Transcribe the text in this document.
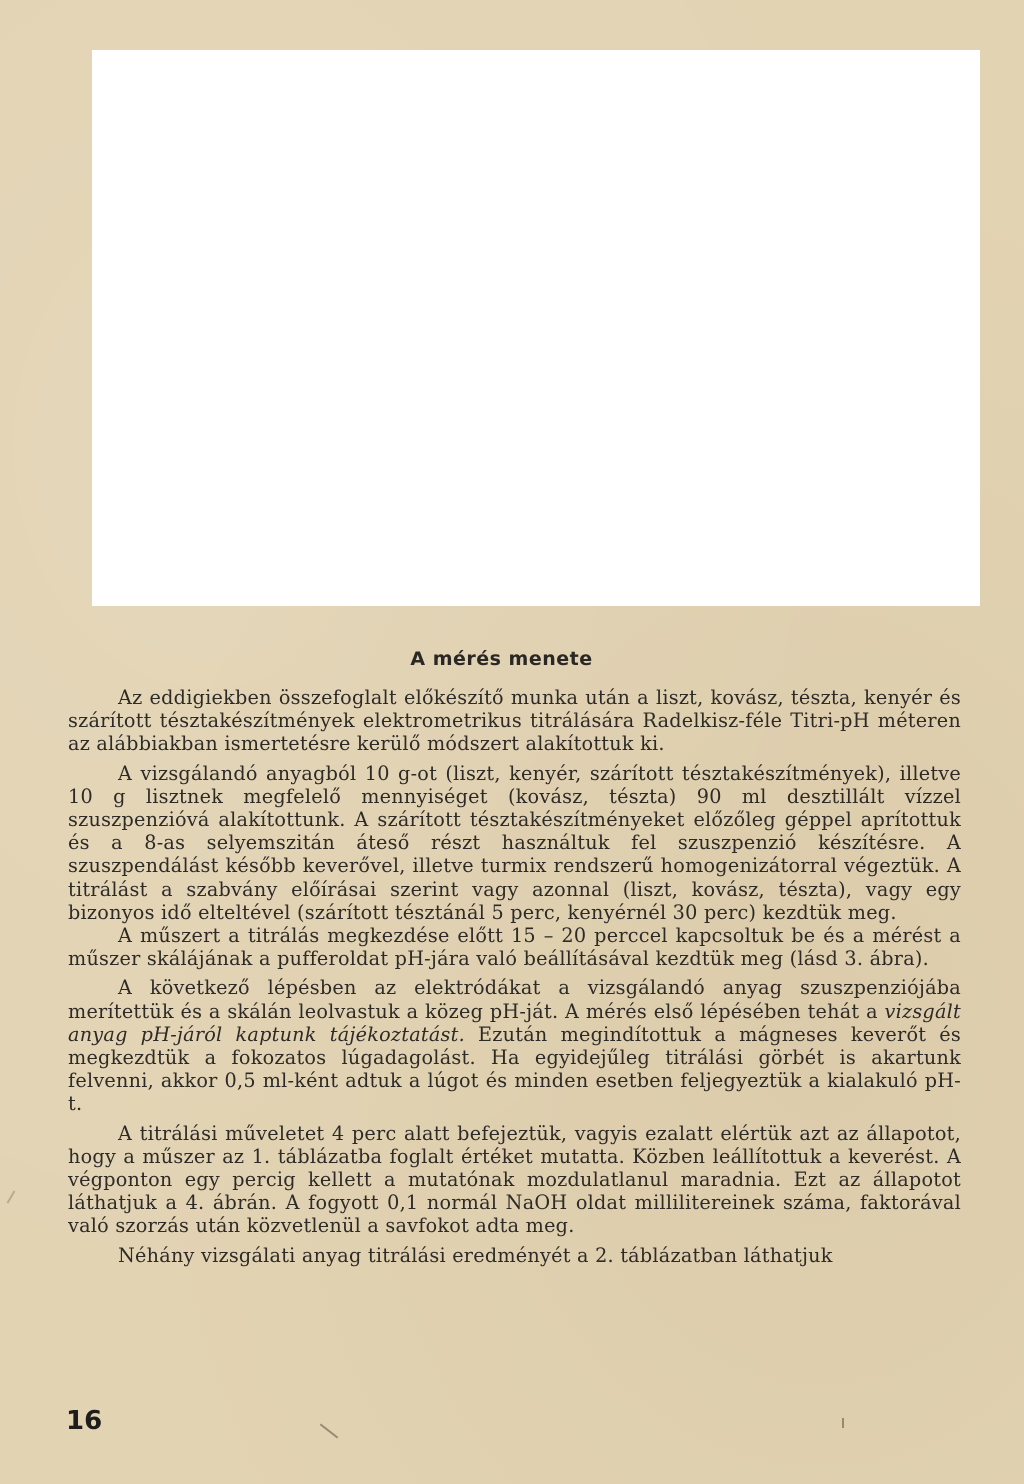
A mérés menete

Az eddigiekben összefoglalt előkészítő munka után a liszt, kovász, tészta, kenyér és szárított tésztakészítmények elektrometrikus titrálására Radelkisz-féle Titri-pH méteren az alábbiakban ismertetésre kerülő módszert alakítottuk ki.

A vizsgálandó anyagból 10 g-ot (liszt, kenyér, szárított tésztakészítmények), illetve 10 g lisztnek megfelelő mennyiséget (kovász, tészta) 90 ml desztillált vízzel szuszpenzióvá alakítottunk. A szárított tésztakészítményeket előzőleg géppel aprítottuk és a 8-as selyemszitán áteső részt használtuk fel szuszpenzió készítésre. A szuszpendálást később keverővel, illetve turmix rendszerű homogenizátorral végeztük. A titrálást a szabvány előírásai szerint vagy azonnal (liszt, kovász, tészta), vagy egy bizonyos idő elteltével (szárított tésztánál 5 perc, kenyérnél 30 perc) kezdtük meg.

A műszert a titrálás megkezdése előtt 15 – 20 perccel kapcsoltuk be és a mérést a műszer skálájának a pufferoldat pH-jára való beállításával kezdtük meg (lásd 3. ábra).

A következő lépésben az elektródákat a vizsgálandó anyag szuszpenziójába merítettük és a skálán leolvastuk a közeg pH-ját. A mérés első lépésében tehát a vizsgált anyag pH-járól kaptunk tájékoztatást. Ezután megindítottuk a mágneses keverőt és megkezdtük a fokozatos lúgadagolást. Ha egyidejűleg titrálási görbét is akartunk felvenni, akkor 0,5 ml-ként adtuk a lúgot és minden esetben feljegyeztük a kialakuló pH-t.

A titrálási műveletet 4 perc alatt befejeztük, vagyis ezalatt elértük azt az állapotot, hogy a műszer az 1. táblázatba foglalt értéket mutatta. Közben leállítottuk a keverést. A végponton egy percig kellett a mutatónak mozdulatlanul maradnia. Ezt az állapotot láthatjuk a 4. ábrán. A fogyott 0,1 normál NaOH oldat millilitereinek száma, faktorával való szorzás után közvetlenül a savfokot adta meg.

Néhány vizsgálati anyag titrálási eredményét a 2. táblázatban láthatjuk

16
